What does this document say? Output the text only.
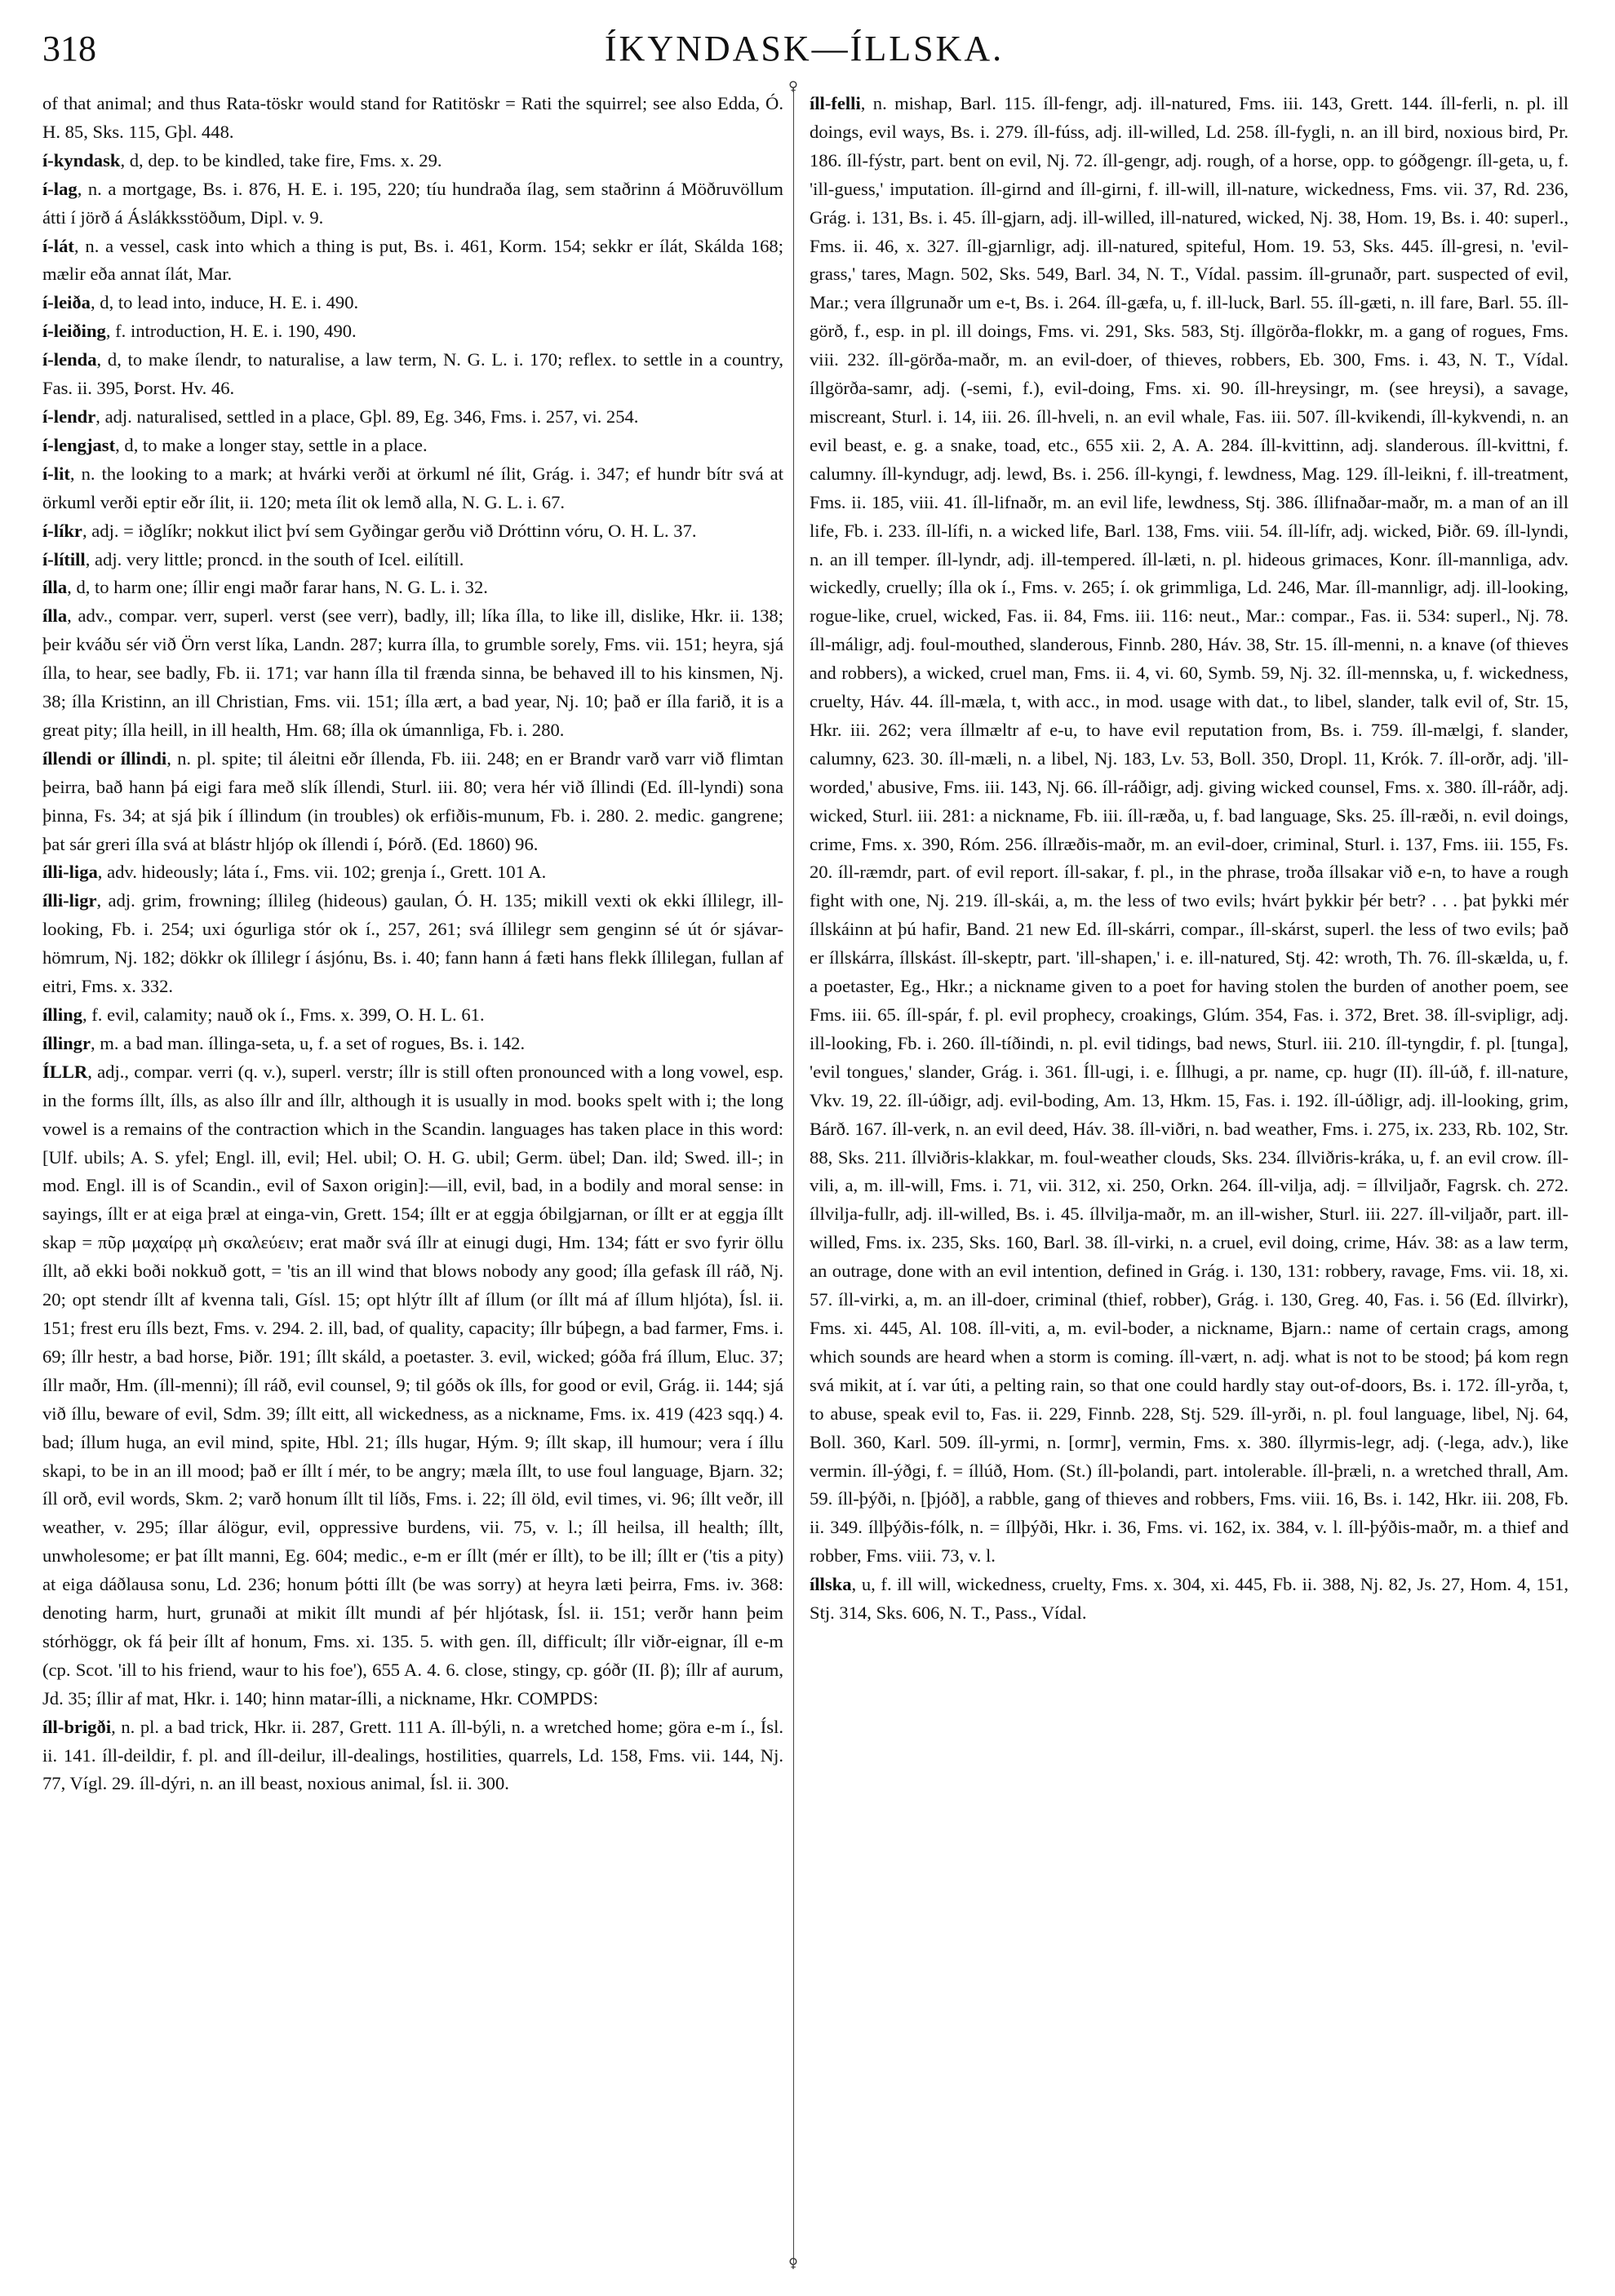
318	ÍKYNDASK—ÍLLSKA.
♀
♀

of that animal; and thus Rata-töskr would stand for Ratitöskr = Rati the squirrel; see also Edda, Ó. H. 85, Sks. 115, Gþl. 448.

í-kyndask, d, dep. to be kindled, take fire, Fms. x. 29.

í-lag, n. a mortgage, Bs. i. 876, H. E. i. 195, 220; tíu hundraða ílag, sem staðrinn á Möðruvöllum átti í jörð á Áslákksstöðum, Dipl. v. 9.

í-lát, n. a vessel, cask into which a thing is put, Bs. i. 461, Korm. 154; sekkr er ílát, Skálda 168; mælir eða annat ílát, Mar.

í-leiða, d, to lead into, induce, H. E. i. 490.

í-leiðing, f. introduction, H. E. i. 190, 490.

í-lenda, d, to make ílendr, to naturalise, a law term, N. G. L. i. 170; reflex. to settle in a country, Fas. ii. 395, Þorst. Hv. 46.

í-lendr, adj. naturalised, settled in a place, Gþl. 89, Eg. 346, Fms. i. 257, vi. 254.

í-lengjast, d, to make a longer stay, settle in a place.

í-lit, n. the looking to a mark; at hvárki verði at örkuml né ílit, Grág. i. 347; ef hundr bítr svá at örkuml verði eptir eðr ílit, ii. 120; meta ílit ok lemð alla, N. G. L. i. 67.

í-líkr, adj. = iðglíkr; nokkut ilict því sem Gyðingar gerðu við Dróttinn vóru, O. H. L. 37.

í-lítill, adj. very little; proncd. in the south of Icel. eilítill.

ílla, d, to harm one; íllir engi maðr farar hans, N. G. L. i. 32.

ílla, adv., compar. verr, superl. verst (see verr), badly, ill; líka ílla, to like ill, dislike, Hkr. ii. 138; þeir kváðu sér við Örn verst líka, Landn. 287; kurra ílla, to grumble sorely, Fms. vii. 151; heyra, sjá ílla, to hear, see badly, Fb. ii. 171; var hann ílla til frænda sinna, be behaved ill to his kinsmen, Nj. 38; ílla Kristinn, an ill Christian, Fms. vii. 151; ílla ært, a bad year, Nj. 10; það er ílla farið, it is a great pity; ílla heill, in ill health, Hm. 68; ílla ok úmannliga, Fb. i. 280.

íllendi or íllindi, n. pl. spite; til áleitni eðr íllenda, Fb. iii. 248; en er Brandr varð varr við flimtan þeirra, bað hann þá eigi fara með slík íllendi, Sturl. iii. 80; vera hér við íllindi (Ed. íll-lyndi) sona þinna, Fs. 34; at sjá þik í íllindum (in troubles) ok erfiðis-munum, Fb. i. 280. 2. medic. gangrene; þat sár greri ílla svá at blástr hljóp ok íllendi í, Þórð. (Ed. 1860) 96.

ílli-liga, adv. hideously; láta í., Fms. vii. 102; grenja í., Grett. 101 A.

ílli-ligr, adj. grim, frowning; íllileg (hideous) gaulan, Ó. H. 135; mikill vexti ok ekki íllilegr, ill-looking, Fb. i. 254; uxi ógurliga stór ok í., 257, 261; svá íllilegr sem genginn sé út ór sjávar-hömrum, Nj. 182; dökkr ok íllilegr í ásjónu, Bs. i. 40; fann hann á fæti hans flekk íllilegan, fullan af eitri, Fms. x. 332.

ílling, f. evil, calamity; nauð ok í., Fms. x. 399, O. H. L. 61.

íllingr, m. a bad man. íllinga-seta, u, f. a set of rogues, Bs. i. 142.

ÍLLR, adj., compar. verri (q. v.), superl. verstr; íllr is still often pronounced with a long vowel, esp. in the forms íllt, ílls, as also íllr and íllr, although it is usually in mod. books spelt with i; the long vowel is a remains of the contraction which in the Scandin. languages has taken place in this word: [Ulf. ubils; A. S. yfel; Engl. ill, evil; Hel. ubil; O. H. G. ubil; Germ. übel; Dan. ild; Swed. ill-; in mod. Engl. ill is of Scandin., evil of Saxon origin]:—ill, evil, bad, in a bodily and moral sense: in sayings, íllt er at eiga þræl at einga-vin, Grett. 154; íllt er at eggja óbilgjarnan, or íllt er at eggja íllt skap = πῦρ μαχαίρᾳ μὴ σκαλεύειν; erat maðr svá íllr at einugi dugi, Hm. 134; fátt er svo fyrir öllu íllt, að ekki boði nokkuð gott, = 'tis an ill wind that blows nobody any good; ílla gefask íll ráð, Nj. 20; opt stendr íllt af kvenna tali, Gísl. 15; opt hlýtr íllt af íllum (or íllt má af íllum hljóta), Ísl. ii. 151; frest eru ílls bezt, Fms. v. 294. 2. ill, bad, of quality, capacity; íllr búþegn, a bad farmer, Fms. i. 69; íllr hestr, a bad horse, Þiðr. 191; íllt skáld, a poetaster. 3. evil, wicked; góða frá íllum, Eluc. 37; íllr maðr, Hm. (íll-menni); íll ráð, evil counsel, 9; til góðs ok ílls, for good or evil, Grág. ii. 144; sjá við íllu, beware of evil, Sdm. 39; íllt eitt, all wickedness, as a nickname, Fms. ix. 419 (423 sqq.) 4. bad; íllum huga, an evil mind, spite, Hbl. 21; ílls hugar, Hým. 9; íllt skap, ill humour; vera í íllu skapi, to be in an ill mood; það er íllt í mér, to be angry; mæla íllt, to use foul language, Bjarn. 32; íll orð, evil words, Skm. 2; varð honum íllt til líðs, Fms. i. 22; íll öld, evil times, vi. 96; íllt veðr, ill weather, v. 295; íllar álögur, evil, oppressive burdens, vii. 75, v. l.; íll heilsa, ill health; íllt, unwholesome; er þat íllt manni, Eg. 604; medic., e-m er íllt (mér er íllt), to be ill; íllt er ('tis a pity) at eiga dáðlausa sonu, Ld. 236; honum þótti íllt (be was sorry) at heyra læti þeirra, Fms. iv. 368: denoting harm, hurt, grunaði at mikit íllt mundi af þér hljótask, Ísl. ii. 151; verðr hann þeim stórhöggr, ok fá þeir íllt af honum, Fms. xi. 135. 5. with gen. íll, difficult; íllr viðr-eignar, íll e-m (cp. Scot. 'ill to his friend, waur to his foe'), 655 A. 4. 6. close, stingy, cp. góðr (II. β); íllr af aurum, Jd. 35; íllir af mat, Hkr. i. 140; hinn matar-ílli, a nickname, Hkr. COMPDS:

íll-brigði, n. pl. a bad trick, Hkr. ii. 287, Grett. 111 A. íll-býli, n. a wretched home; göra e-m í., Ísl. ii. 141. íll-deildir, f. pl. and íll-deilur, ill-dealings, hostilities, quarrels, Ld. 158, Fms. vii. 144, Nj. 77, Vígl. 29. íll-dýri, n. an ill beast, noxious animal, Ísl. ii. 300.

íll-felli, n. mishap, Barl. 115. íll-fengr, adj. ill-natured, Fms. iii. 143, Grett. 144. íll-ferli, n. pl. ill doings, evil ways, Bs. i. 279. íll-fúss, adj. ill-willed, Ld. 258. íll-fygli, n. an ill bird, noxious bird, Pr. 186. íll-fýstr, part. bent on evil, Nj. 72. íll-gengr, adj. rough, of a horse, opp. to góðgengr. íll-geta, u, f. 'ill-guess,' imputation. íll-girnd and íll-girni, f. ill-will, ill-nature, wickedness, Fms. vii. 37, Rd. 236, Grág. i. 131, Bs. i. 45. íll-gjarn, adj. ill-willed, ill-natured, wicked, Nj. 38, Hom. 19, Bs. i. 40: superl., Fms. ii. 46, x. 327. íll-gjarnligr, adj. ill-natured, spiteful, Hom. 19. 53, Sks. 445. íll-gresi, n. 'evil-grass,' tares, Magn. 502, Sks. 549, Barl. 34, N. T., Vídal. passim. íll-grunaðr, part. suspected of evil, Mar.; vera íllgrunaðr um e-t, Bs. i. 264. íll-gæfa, u, f. ill-luck, Barl. 55. íll-gæti, n. ill fare, Barl. 55. íll-görð, f., esp. in pl. ill doings, Fms. vi. 291, Sks. 583, Stj. íllgörða-flokkr, m. a gang of rogues, Fms. viii. 232. íll-görða-maðr, m. an evil-doer, of thieves, robbers, Eb. 300, Fms. i. 43, N. T., Vídal. íllgörða-samr, adj. (-semi, f.), evil-doing, Fms. xi. 90. íll-hreysingr, m. (see hreysi), a savage, miscreant, Sturl. i. 14, iii. 26. íll-hveli, n. an evil whale, Fas. iii. 507. íll-kvikendi, íll-kykvendi, n. an evil beast, e. g. a snake, toad, etc., 655 xii. 2, A. A. 284. íll-kvittinn, adj. slanderous. íll-kvittni, f. calumny. íll-kyndugr, adj. lewd, Bs. i. 256. íll-kyngi, f. lewdness, Mag. 129. íll-leikni, f. ill-treatment, Fms. ii. 185, viii. 41. íll-lifnaðr, m. an evil life, lewdness, Stj. 386. íllifnaðar-maðr, m. a man of an ill life, Fb. i. 233. íll-lífi, n. a wicked life, Barl. 138, Fms. viii. 54. íll-lífr, adj. wicked, Þiðr. 69. íll-lyndi, n. an ill temper. íll-lyndr, adj. ill-tempered. íll-læti, n. pl. hideous grimaces, Konr. íll-mannliga, adv. wickedly, cruelly; ílla ok í., Fms. v. 265; í. ok grimmliga, Ld. 246, Mar. íll-mannligr, adj. ill-looking, rogue-like, cruel, wicked, Fas. ii. 84, Fms. iii. 116: neut., Mar.: compar., Fas. ii. 534: superl., Nj. 78. íll-máligr, adj. foul-mouthed, slanderous, Finnb. 280, Háv. 38, Str. 15. íll-menni, n. a knave (of thieves and robbers), a wicked, cruel man, Fms. ii. 4, vi. 60, Symb. 59, Nj. 32. íll-mennska, u, f. wickedness, cruelty, Háv. 44. íll-mæla, t, with acc., in mod. usage with dat., to libel, slander, talk evil of, Str. 15, Hkr. iii. 262; vera íllmæltr af e-u, to have evil reputation from, Bs. i. 759. íll-mælgi, f. slander, calumny, 623. 30. íll-mæli, n. a libel, Nj. 183, Lv. 53, Boll. 350, Dropl. 11, Krók. 7. íll-orðr, adj. 'ill-worded,' abusive, Fms. iii. 143, Nj. 66. íll-ráðigr, adj. giving wicked counsel, Fms. x. 380. íll-ráðr, adj. wicked, Sturl. iii. 281: a nickname, Fb. iii. íll-ræða, u, f. bad language, Sks. 25. íll-ræði, n. evil doings, crime, Fms. x. 390, Róm. 256. íllræðis-maðr, m. an evil-doer, criminal, Sturl. i. 137, Fms. iii. 155, Fs. 20. íll-ræmdr, part. of evil report. íll-sakar, f. pl., in the phrase, troða íllsakar við e-n, to have a rough fight with one, Nj. 219. íll-skái, a, m. the less of two evils; hvárt þykkir þér betr? . . . þat þykki mér íllskáinn at þú hafir, Band. 21 new Ed. íll-skárri, compar., íll-skárst, superl. the less of two evils; það er íllskárra, íllskást. íll-skeptr, part. 'ill-shapen,' i. e. ill-natured, Stj. 42: wroth, Th. 76. íll-skælda, u, f. a poetaster, Eg., Hkr.; a nickname given to a poet for having stolen the burden of another poem, see Fms. iii. 65. íll-spár, f. pl. evil prophecy, croakings, Glúm. 354, Fas. i. 372, Bret. 38. íll-svipligr, adj. ill-looking, Fb. i. 260. íll-tíðindi, n. pl. evil tidings, bad news, Sturl. iii. 210. íll-tyngdir, f. pl. [tunga], 'evil tongues,' slander, Grág. i. 361. Íll-ugi, i. e. Íllhugi, a pr. name, cp. hugr (II). íll-úð, f. ill-nature, Vkv. 19, 22. íll-úðigr, adj. evil-boding, Am. 13, Hkm. 15, Fas. i. 192. íll-úðligr, adj. ill-looking, grim, Bárð. 167. íll-verk, n. an evil deed, Háv. 38. íll-viðri, n. bad weather, Fms. i. 275, ix. 233, Rb. 102, Str. 88, Sks. 211. íllviðris-klakkar, m. foul-weather clouds, Sks. 234. íllviðris-kráka, u, f. an evil crow. íll-vili, a, m. ill-will, Fms. i. 71, vii. 312, xi. 250, Orkn. 264. íll-vilja, adj. = íllviljaðr, Fagrsk. ch. 272. íllvilja-fullr, adj. ill-willed, Bs. i. 45. íllvilja-maðr, m. an ill-wisher, Sturl. iii. 227. íll-viljaðr, part. ill-willed, Fms. ix. 235, Sks. 160, Barl. 38. íll-virki, n. a cruel, evil doing, crime, Háv. 38: as a law term, an outrage, done with an evil intention, defined in Grág. i. 130, 131: robbery, ravage, Fms. vii. 18, xi. 57. íll-virki, a, m. an ill-doer, criminal (thief, robber), Grág. i. 130, Greg. 40, Fas. i. 56 (Ed. íllvirkr), Fms. xi. 445, Al. 108. íll-viti, a, m. evil-boder, a nickname, Bjarn.: name of certain crags, among which sounds are heard when a storm is coming. íll-vært, n. adj. what is not to be stood; þá kom regn svá mikit, at í. var úti, a pelting rain, so that one could hardly stay out-of-doors, Bs. i. 172. íll-yrða, t, to abuse, speak evil to, Fas. ii. 229, Finnb. 228, Stj. 529. íll-yrði, n. pl. foul language, libel, Nj. 64, Boll. 360, Karl. 509. íll-yrmi, n. [ormr], vermin, Fms. x. 380. íllyrmis-legr, adj. (-lega, adv.), like vermin. íll-ýðgi, f. = íllúð, Hom. (St.) íll-þolandi, part. intolerable. íll-þræli, n. a wretched thrall, Am. 59. íll-þýði, n. [þjóð], a rabble, gang of thieves and robbers, Fms. viii. 16, Bs. i. 142, Hkr. iii. 208, Fb. ii. 349. íllþýðis-fólk, n. = íllþýði, Hkr. i. 36, Fms. vi. 162, ix. 384, v. l. íll-þýðis-maðr, m. a thief and robber, Fms. viii. 73, v. l.

íllska, u, f. ill will, wickedness, cruelty, Fms. x. 304, xi. 445, Fb. ii. 388, Nj. 82, Js. 27, Hom. 4, 151, Stj. 314, Sks. 606, N. T., Pass., Vídal.
